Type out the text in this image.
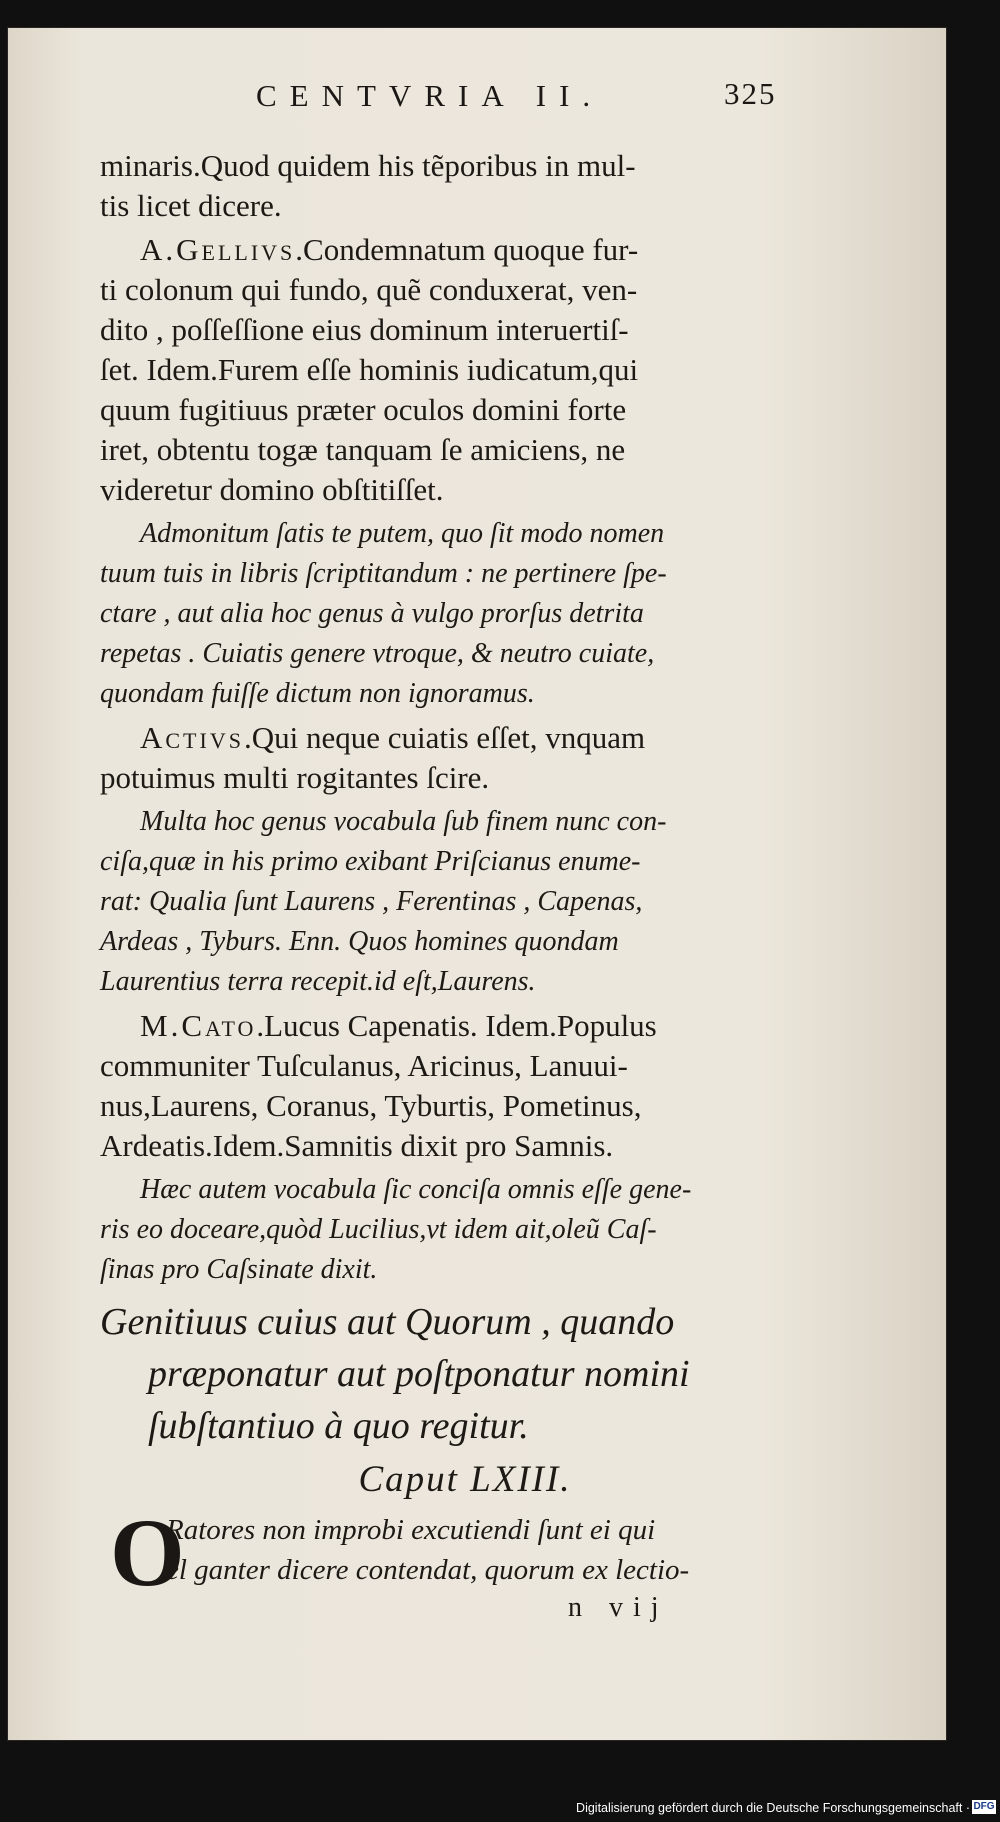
CENTVRIA II.	325
minaris.Quod quidem his tẽporibus in mul-
tis licet dicere.
A.Gellivs.Condemnatum quoque fur-
ti colonum qui fundo, quẽ conduxerat, ven-
dito , poſſeſſione eius dominum interuertiſ-
ſet. Idem.Furem eſſe hominis iudicatum,qui
quum fugitiuus præter oculos domini forte
iret, obtentu togæ tanquam ſe amiciens, ne
videretur domino obſtitiſſet.
Admonitum ſatis te putem, quo ſit modo nomen
tuum tuis in libris ſcriptitandum : ne pertinere ſpe-
ctare , aut alia hoc genus à vulgo prorſus detrita
repetas . Cuiatis genere vtroque, & neutro cuiate,
quondam fuiſſe dictum non ignoramus.
Activs.Qui neque cuiatis eſſet, vnquam
potuimus multi rogitantes ſcire.
Multa hoc genus vocabula ſub finem nunc con-
ciſa,quæ in his primo exibant Priſcianus enume-
rat: Qualia ſunt Laurens , Ferentinas , Capenas,
Ardeas , Tyburs. Enn. Quos homines quondam
Laurentius terra recepit.id eſt,Laurens.
M.Cato.Lucus Capenatis. Idem.Populus
communiter Tuſculanus, Aricinus, Lanuui-
nus,Laurens, Coranus, Tyburtis, Pometinus,
Ardeatis.Idem.Samnitis dixit pro Samnis.
Hæc autem vocabula ſic conciſa omnis eſſe gene-
ris eo doceare,quòd Lucilius,vt idem ait,oleũ Caſ-
ſinas pro Caſsinate dixit.
Genitiuus cuius aut Quorum , quando
præponatur aut poſtponatur nomini
ſubſtantiuo à quo regitur.
Caput LXIII.
O
Ratores non improbi excutiendi ſunt ei qui
el ganter dicere contendat, quorum ex lectio-
n vij
Digitalisierung gefördert durch die Deutsche Forschungsgemeinschaft · DFG
